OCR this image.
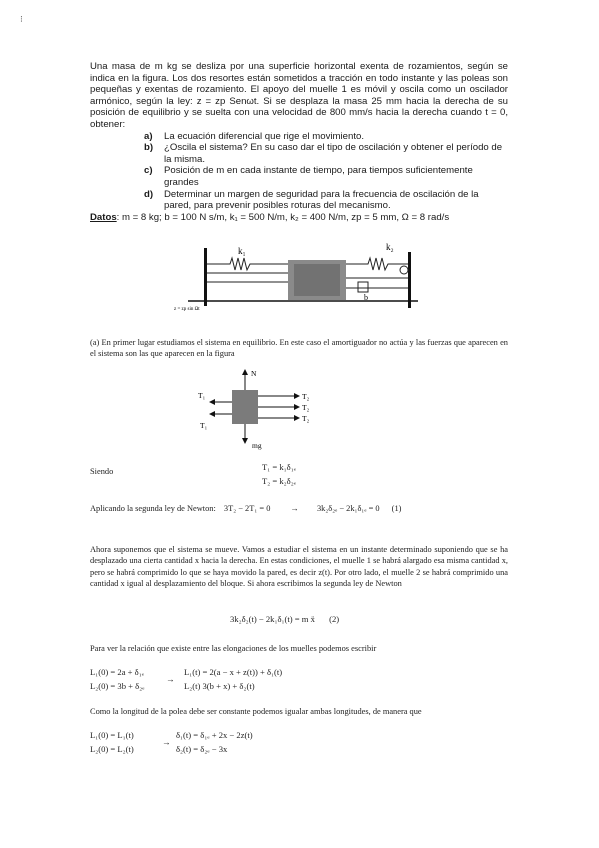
⁝

Una masa de m kg se desliza por una superficie horizontal exenta de rozamientos, según se indica en la figura. Los dos resortes están sometidos a tracción en todo instante y las poleas son pequeñas y exentas de rozamiento. El apoyo del muelle 1 es móvil y oscila como un oscilador armónico, según la ley: z = zp Senωt. Si se desplaza la masa 25 mm hacia la derecha de su posición de equilibrio y se suelta con una velocidad de 800 mm/s hacia la derecha cuando t = 0, obtener:

a) La ecuación diferencial que rige el movimiento.
b) ¿Oscila el sistema? En su caso dar el tipo de oscilación y obtener el período de la misma.
c) Posición de m en cada instante de tiempo, para tiempos suficientemente grandes
d) Determinar un margen de seguridad para la frecuencia de oscilación de la pared, para prevenir posibles roturas del mecanismo.

Datos: m = 8 kg; b = 100 N s/m, k₁ = 500 N/m, k₂ = 400 N/m, zp = 5 mm, Ω = 8 rad/s

k₁	k₂
b
z = zp sin Ωt

(a) En primer lugar estudiamos el sistema en equilibrio. En este caso el amortiguador no actúa y las fuerzas que aparecen en el sistema son las que aparecen en la figura

N
mg
T₁
T₁
T₂
T₂
T₂
Siendo	T₁ = k₁δ₁ₑ
T₂ = k₂δ₂ₑ
Aplicando la segunda ley de Newton: 3T₂ − 2T₁ = 0 → 3k₂δ₂ₑ − 2k₁δ₁ₑ = 0 (1)

Ahora suponemos que el sistema se mueve. Vamos a estudiar el sistema en un instante determinado suponiendo que se ha desplazado una cierta cantidad x hacia la derecha. En estas condiciones, el muelle 1 se habrá alargado esa misma cantidad x, pero se habrá comprimido lo que se haya movido la pared, es decir z(t). Por otro lado, el muelle 2 se habrá comprimido una cantidad x igual al desplazamiento del bloque. Si ahora escribimos la segunda ley de Newton

3k₂δ₂(t) − 2k₁δ₁(t) = m ẍ (2)
Para ver la relación que existe entre las elongaciones de los muelles podemos escribir
L₁(0) = 2a + δ₁ₑ
L₂(0) = 3b + δ₂ₑ
→
L₁(t) = 2(a − x + z(t)) + δ₁(t)
L₂(t) 3(b + x) + δ₂(t)
Como la longitud de la polea debe ser constante podemos igualar ambas longitudes, de manera que
L₁(0) = L₁(t)
L₂(0) = L₂(t)
→
δ₁(t) = δ₁ₑ + 2x − 2z(t)
δ₂(t) = δ₂ₑ − 3x
